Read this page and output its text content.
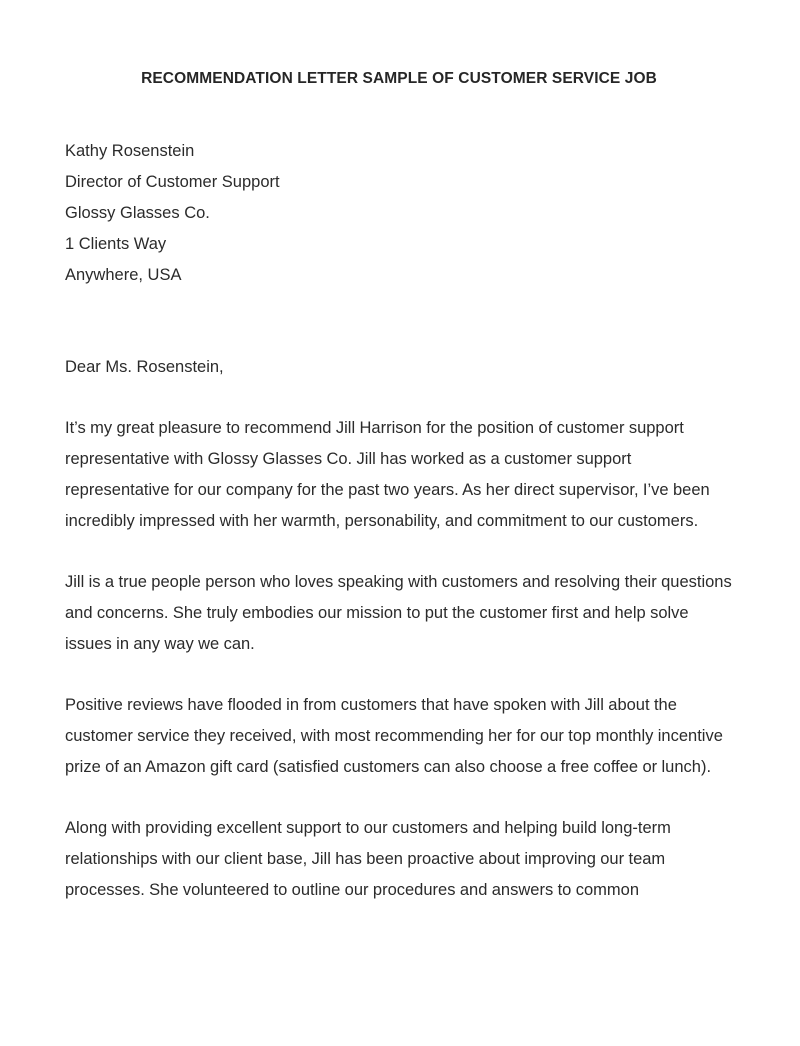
RECOMMENDATION LETTER SAMPLE OF CUSTOMER SERVICE JOB
Kathy Rosenstein
Director of Customer Support
Glossy Glasses Co.
1 Clients Way
Anywhere, USA
Dear Ms. Rosenstein,

It’s my great pleasure to recommend Jill Harrison for the position of customer support representative with Glossy Glasses Co. Jill has worked as a customer support representative for our company for the past two years. As her direct supervisor, I’ve been incredibly impressed with her warmth, personability, and commitment to our customers.

Jill is a true people person who loves speaking with customers and resolving their questions and concerns. She truly embodies our mission to put the customer first and help solve issues in any way we can.

Positive reviews have flooded in from customers that have spoken with Jill about the customer service they received, with most recommending her for our top monthly incentive prize of an Amazon gift card (satisfied customers can also choose a free coffee or lunch).

Along with providing excellent support to our customers and helping build long-term relationships with our client base, Jill has been proactive about improving our team processes. She volunteered to outline our procedures and answers to common
